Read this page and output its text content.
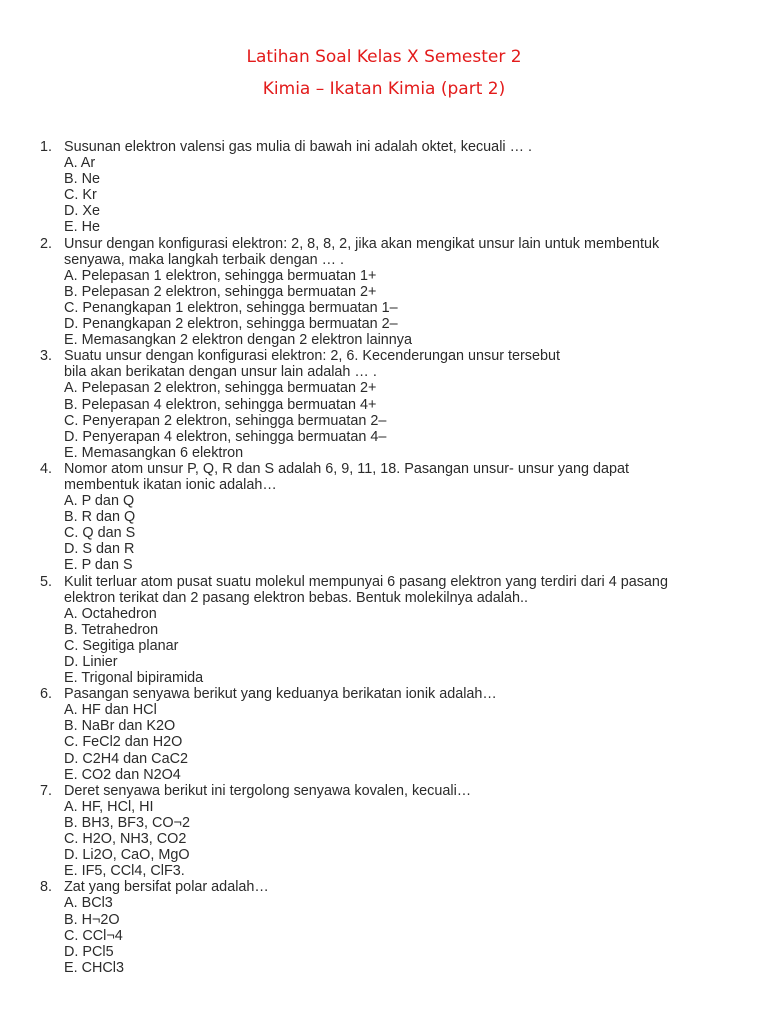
Latihan Soal Kelas X Semester 2
Kimia – Ikatan Kimia (part 2)
1. Susunan elektron valensi gas mulia di bawah ini adalah oktet, kecuali … .
A. Ar
B. Ne
C. Kr
D. Xe
E. He
2. Unsur dengan konfigurasi elektron: 2, 8, 8, 2, jika akan mengikat unsur lain untuk membentuk
senyawa, maka langkah terbaik dengan … .
A. Pelepasan 1 elektron, sehingga bermuatan 1+
B. Pelepasan 2 elektron, sehingga bermuatan 2+
C. Penangkapan 1 elektron, sehingga bermuatan 1–
D. Penangkapan 2 elektron, sehingga bermuatan 2–
E. Memasangkan 2 elektron dengan 2 elektron lainnya
3. Suatu unsur dengan konfigurasi elektron: 2, 6. Kecenderungan unsur tersebut
bila akan berikatan dengan unsur lain adalah … .
A. Pelepasan 2 elektron, sehingga bermuatan 2+
B. Pelepasan 4 elektron, sehingga bermuatan 4+
C. Penyerapan 2 elektron, sehingga bermuatan 2–
D. Penyerapan 4 elektron, sehingga bermuatan 4–
E. Memasangkan 6 elektron
4. Nomor atom unsur P, Q, R dan S adalah 6, 9, 11, 18. Pasangan unsur- unsur yang dapat
membentuk ikatan ionic adalah…
A. P dan Q
B. R dan Q
C. Q dan S
D. S dan R
E. P dan S
5. Kulit terluar atom pusat suatu molekul mempunyai 6 pasang elektron yang terdiri dari 4 pasang
elektron terikat dan 2 pasang elektron bebas. Bentuk molekilnya adalah..
A. Octahedron
B. Tetrahedron
C. Segitiga planar
D. Linier
E. Trigonal bipiramida
6. Pasangan senyawa berikut yang keduanya berikatan ionik adalah…
A. HF dan HCl
B. NaBr dan K2O
C. FeCl2 dan H2O
D. C2H4 dan CaC2
E. CO2 dan N2O4
7. Deret senyawa berikut ini tergolong senyawa kovalen, kecuali…
A. HF, HCl, HI
B. BH3, BF3, CO¬2
C. H2O, NH3, CO2
D. Li2O, CaO, MgO
E. IF5, CCl4, ClF3.
8. Zat yang bersifat polar adalah…
A. BCl3
B. H¬2O
C. CCl¬4
D. PCl5
E. CHCl3
